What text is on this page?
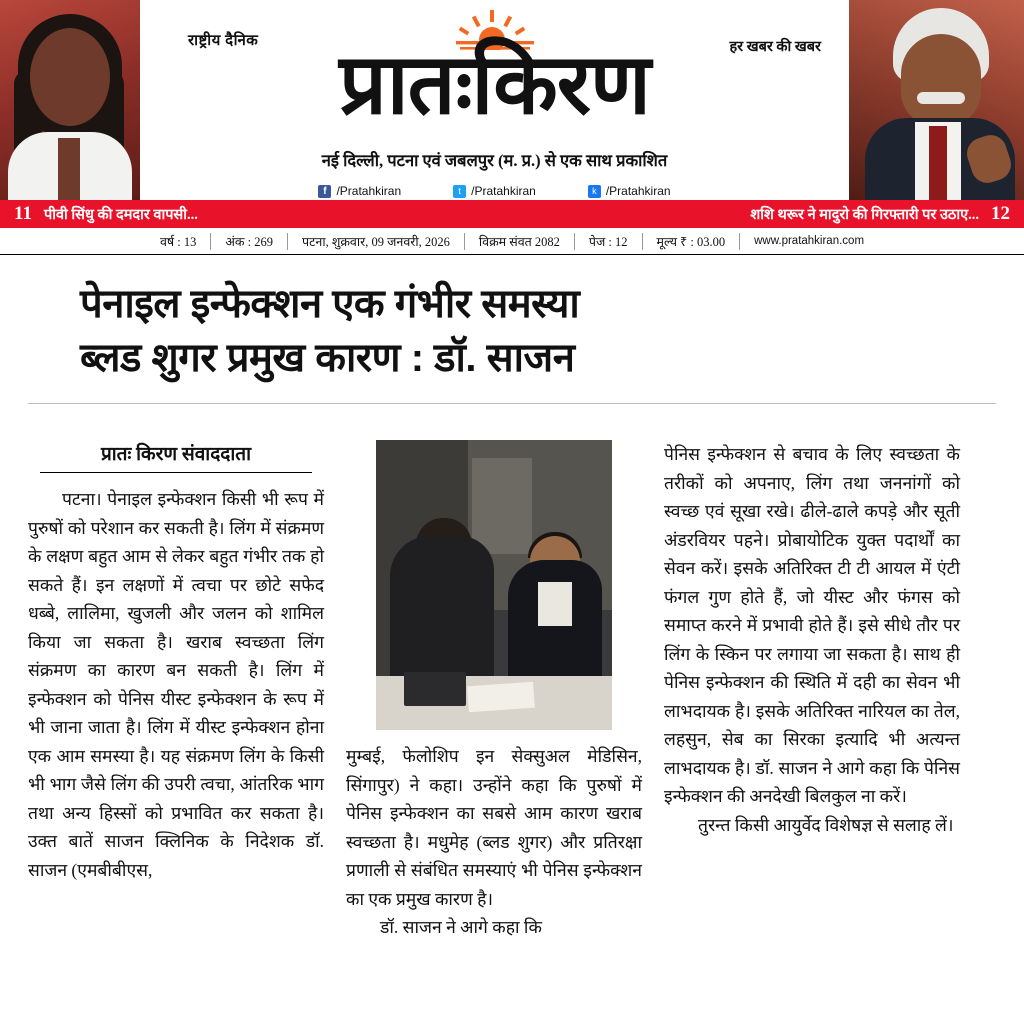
राष्ट्रीय दैनिक	हर खबर की खबर
प्रातःकिरण
नई दिल्ली, पटना एवं जबलपुर (म. प्र.) से एक साथ प्रकाशित
f /Pratahkiran	t /Pratahkiran	k /Pratahkiran
11 पीवी सिंधु की दमदार वापसी...	शशि थरूर ने मादुरो की गिरफ्तारी पर उठाए... 12
वर्ष : 13	अंक : 269	पटना, शुक्रवार, 09 जनवरी, 2026	विक्रम संवत 2082	पेज : 12	मूल्य ₹ : 03.00	www.pratahkiran.com
पेनाइल इन्फेक्शन एक गंभीर समस्या
ब्लड शुगर प्रमुख कारण : डॉ. साजन
प्रातः किरण संवाददाता

पटना। पेनाइल इन्फेक्शन किसी भी रूप में पुरुषों को परेशान कर सकती है। लिंग में संक्रमण के लक्षण बहुत आम से लेकर बहुत गंभीर तक हो सकते हैं। इन लक्षणों में त्वचा पर छोटे सफेद धब्बे, लालिमा, खुजली और जलन को शामिल किया जा सकता है। खराब स्वच्छता लिंग संक्रमण का कारण बन सकती है। लिंग में इन्फेक्शन को पेनिस यीस्ट इन्फेक्शन के रूप में भी जाना जाता है। लिंग में यीस्ट इन्फेक्शन होना एक आम समस्या है। यह संक्रमण लिंग के किसी भी भाग जैसे लिंग की उपरी त्वचा, आंतरिक भाग तथा अन्य हिस्सों को प्रभावित कर सकता है। उक्त बातें साजन क्लिनिक के निदेशक डॉ. साजन (एमबीबीएस,

मुम्बई, फेलोशिप इन सेक्सुअल मेडिसिन, सिंगापुर) ने कहा। उन्होंने कहा कि पुरुषों में पेनिस इन्फेक्शन का सबसे आम कारण खराब स्वच्छता है। मधुमेह (ब्लड शुगर) और प्रतिरक्षा प्रणाली से संबंधित समस्याएं भी पेनिस इन्फेक्शन का एक प्रमुख कारण है।

डॉ. साजन ने आगे कहा कि

पेनिस इन्फेक्शन से बचाव के लिए स्वच्छता के तरीकों को अपनाए, लिंग तथा जननांगों को स्वच्छ एवं सूखा रखे। ढीले-ढाले कपड़े और सूती अंडरवियर पहने। प्रोबायोटिक युक्त पदार्थों का सेवन करें। इसके अतिरिक्त टी टी आयल में एंटी फंगल गुण होते हैं, जो यीस्ट और फंगस को समाप्त करने में प्रभावी होते हैं। इसे सीधे तौर पर लिंग के स्किन पर लगाया जा सकता है। साथ ही पेनिस इन्फेक्शन की स्थिति में दही का सेवन भी लाभदायक है। इसके अतिरिक्त नारियल का तेल, लहसुन, सेब का सिरका इत्यादि भी अत्यन्त लाभदायक है। डॉ. साजन ने आगे कहा कि पेनिस इन्फेक्शन की अनदेखी बिलकुल ना करें।

तुरन्त किसी आयुर्वेद विशेषज्ञ से सलाह लें।
